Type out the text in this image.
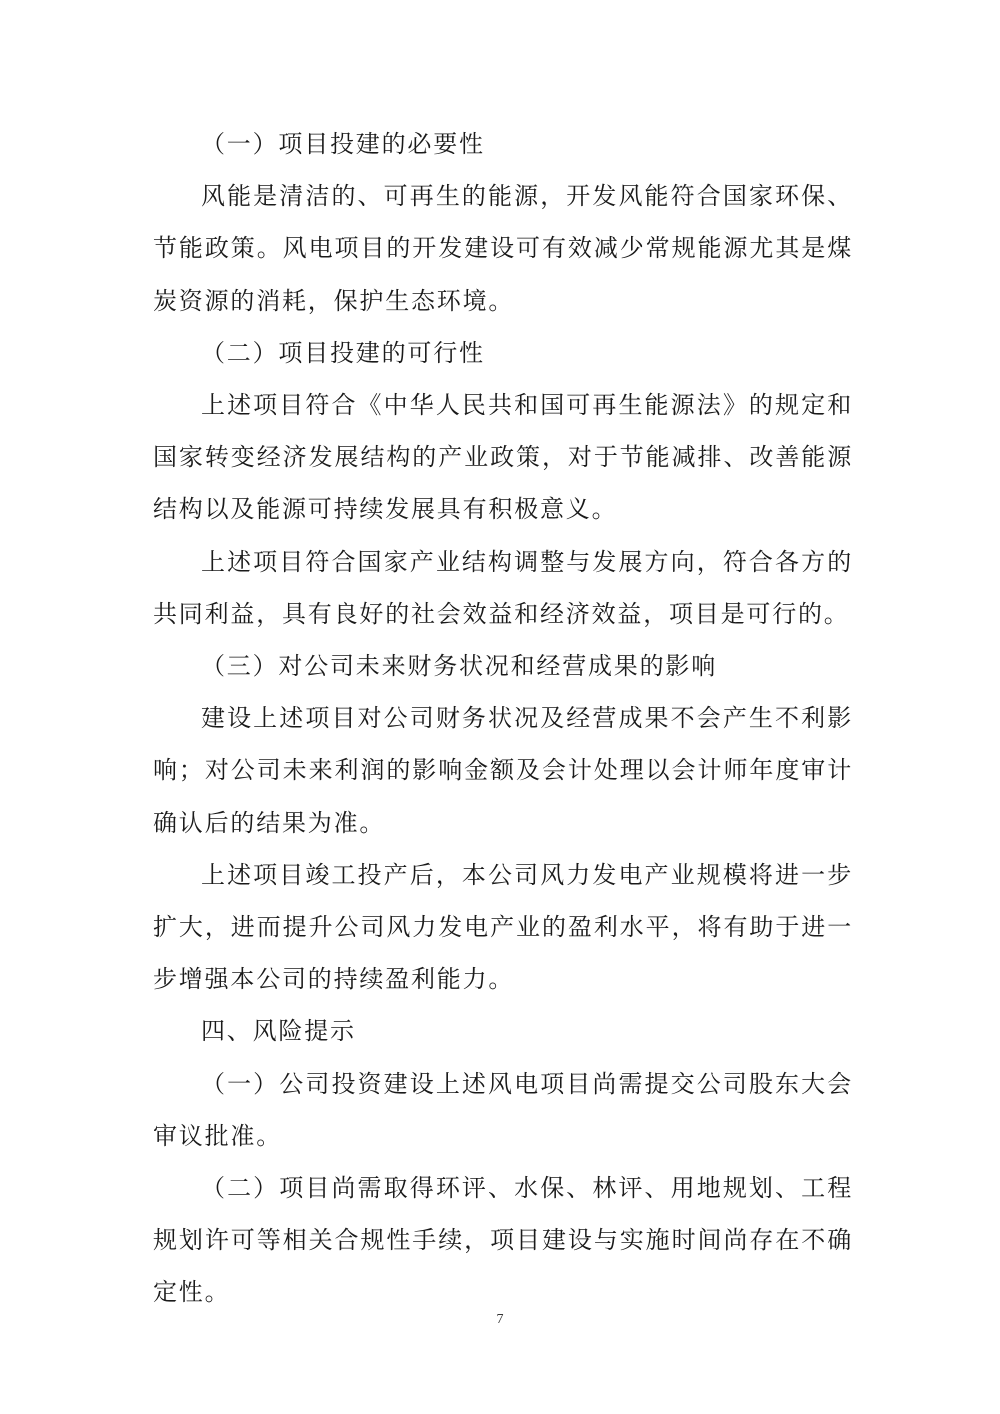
（一）项目投建的必要性

风能是清洁的、可再生的能源，开发风能符合国家环保、节能政策。风电项目的开发建设可有效减少常规能源尤其是煤炭资源的消耗，保护生态环境。

（二）项目投建的可行性

上述项目符合《中华人民共和国可再生能源法》的规定和国家转变经济发展结构的产业政策，对于节能减排、改善能源结构以及能源可持续发展具有积极意义。

上述项目符合国家产业结构调整与发展方向，符合各方的共同利益，具有良好的社会效益和经济效益，项目是可行的。

（三）对公司未来财务状况和经营成果的影响

建设上述项目对公司财务状况及经营成果不会产生不利影响；对公司未来利润的影响金额及会计处理以会计师年度审计确认后的结果为准。

上述项目竣工投产后，本公司风力发电产业规模将进一步扩大，进而提升公司风力发电产业的盈利水平，将有助于进一步增强本公司的持续盈利能力。

四、风险提示

（一）公司投资建设上述风电项目尚需提交公司股东大会审议批准。

（二）项目尚需取得环评、水保、林评、用地规划、工程规划许可等相关合规性手续，项目建设与实施时间尚存在不确定性。

7
